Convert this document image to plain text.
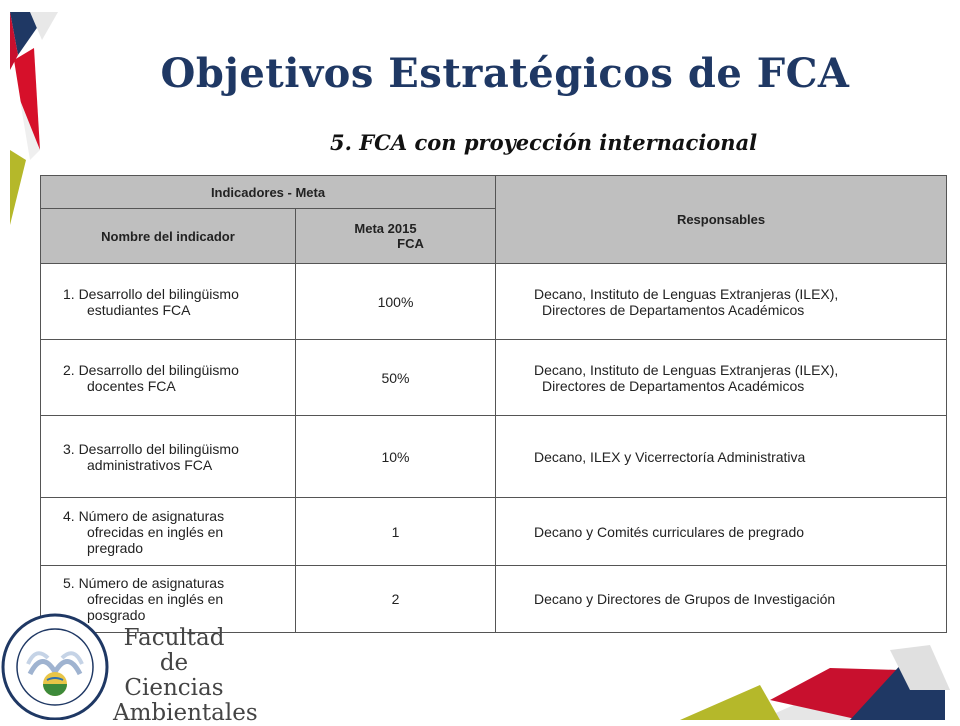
Objetivos Estratégicos de FCA
5. FCA con proyección internacional
Indicadores - Meta		Responsables
Nombre del indicador	Meta 2015
FCA	

1. Desarrollo del bilingüismo
estudiantes FCA	100%	Decano, Instituto de Lenguas Extranjeras (ILEX),
Directores de Departamentos Académicos

2. Desarrollo del bilingüismo
docentes FCA	50%	Decano, Instituto de Lenguas Extranjeras (ILEX),
Directores de Departamentos Académicos

3. Desarrollo del bilingüismo
administrativos FCA	10%	Decano, ILEX y Vicerrectoría Administrativa
4. Número de asignaturas
ofrecidas en inglés en
pregrado	1	Decano y Comités curriculares de pregrado
5. Número de asignaturas
ofrecidas en inglés en
posgrado	2	Decano y Directores de Grupos de Investigación
Facultad de
Ciencias
Ambientales
